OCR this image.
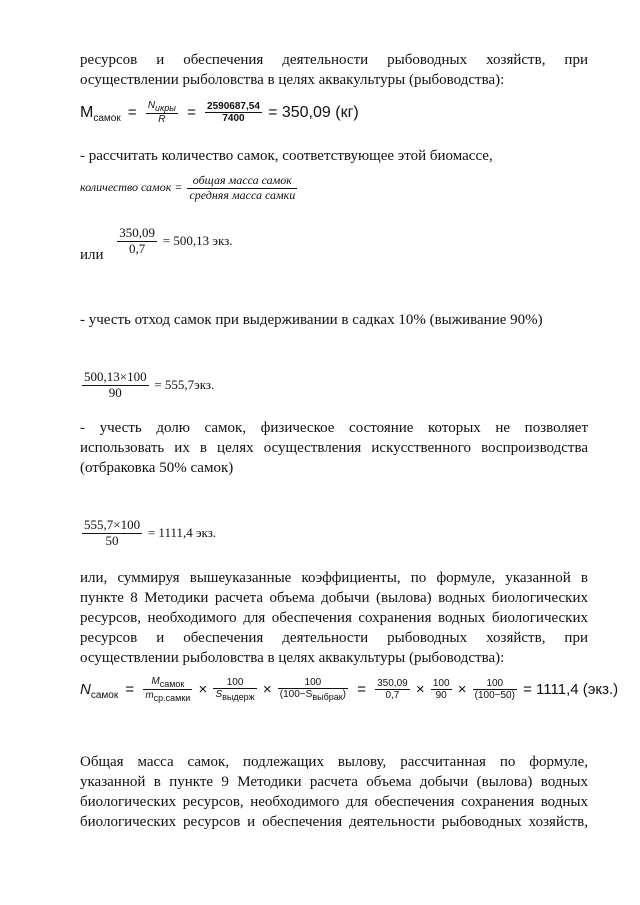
ресурсов и обеспечения деятельности рыбоводных хозяйств, при
осуществлении рыболовства в целях аквакультуры (рыбоводства):
$M_{самок} = \frac{N_{икры}}{R} = \frac{2590687,54}{7400} = 350,09$ (кг)
- рассчитать количество самок, соответствующее этой биомассе,
количество самок = $\frac{\text{общая масса самок}}{\text{средняя масса самки}}$
или $\frac{350,09}{0,7} = 500,13$ экз.
- учесть отход самок при выдерживании в садках 10% (выживание 90%)
$\frac{500,13\times 100}{90} = 555,7экз$.
- учесть долю самок, физическое состояние которых не позволяет
использовать их в целях осуществления искусственного воспроизводства
(отбраковка 50% самок)
$\frac{555,7\times 100}{50} = 1111,4$ экз.
или, суммируя вышеуказанные коэффициенты, по формуле, указанной в
пункте 8 Методики расчета объема добычи (вылова) водных биологических
ресурсов, необходимого для обеспечения сохранения водных биологических
ресурсов и обеспечения деятельности рыбоводных хозяйств, при
осуществлении рыболовства в целях аквакультуры (рыбоводства):
$N_{самок} = \frac{M_{самок}}{m_{ср.самки}} \times \frac{100}{S_{выдерж}} \times \frac{100}{(100-S_{выбрак})} = \frac{350,09}{0,7} \times \frac{100}{90} \times \frac{100}{(100-50)} = 1111,4$ (экз.)
Общая масса самок, подлежащих вылову, рассчитанная по формуле,
указанной в пункте 9 Методики расчета объема добычи (вылова) водных
биологических ресурсов, необходимого для обеспечения сохранения водных
биологических ресурсов и обеспечения деятельности рыбоводных хозяйств,
